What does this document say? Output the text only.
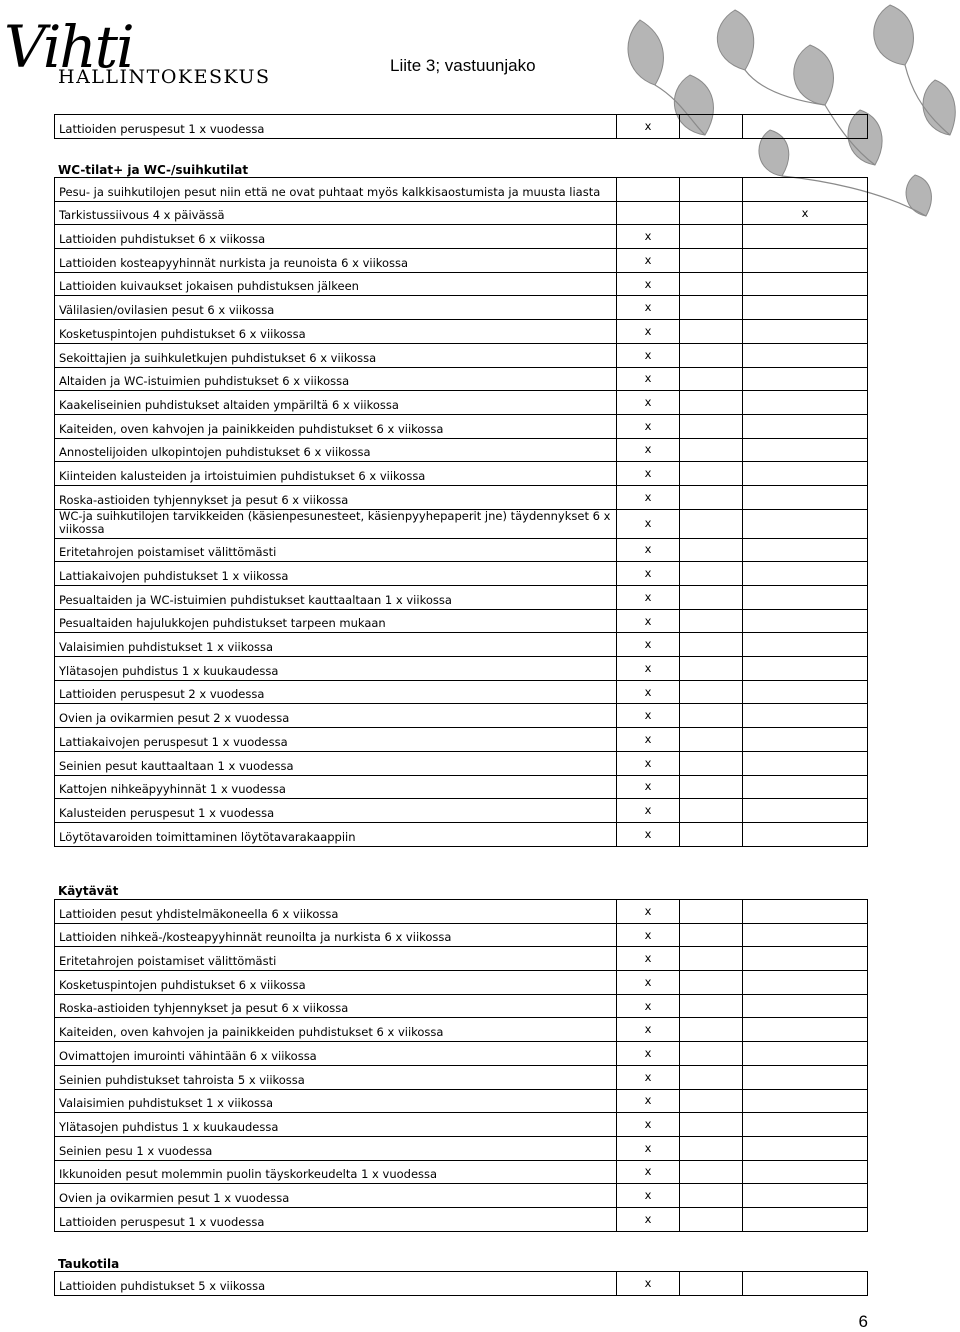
Vihti
HALLINTOKESKUS
Liite 3; vastuunjako
Lattioiden peruspesut 1 x vuodessa	x		
WC-tilat+ ja WC-/suihkutilat
Pesu- ja suihkutilojen pesut niin että ne ovat puhtaat myös kalkkisaostumista ja muusta liasta			
Tarkistussiivous 4 x päivässä			x
Lattioiden puhdistukset 6 x viikossa	x		
Lattioiden kosteapyyhinnät nurkista ja reunoista 6 x viikossa	x		
Lattioiden kuivaukset jokaisen puhdistuksen jälkeen	x		
Välilasien/ovilasien pesut 6 x viikossa	x		
Kosketuspintojen puhdistukset 6 x viikossa	x		
Sekoittajien ja suihkuletkujen puhdistukset 6 x viikossa	x		
Altaiden ja WC-istuimien puhdistukset 6 x viikossa	x		
Kaakeliseinien puhdistukset altaiden ympäriltä 6 x viikossa	x		
Kaiteiden, oven kahvojen ja painikkeiden puhdistukset 6 x viikossa	x		
Annostelijoiden ulkopintojen puhdistukset 6 x viikossa	x		
Kiinteiden kalusteiden ja irtoistuimien puhdistukset 6 x viikossa	x		
Roska-astioiden tyhjennykset ja pesut 6 x viikossa	x		
WC-ja suihkutilojen tarvikkeiden (käsienpesunesteet, käsienpyyhepaperit jne) täydennykset 6 x viikossa	x		
Eritetahrojen poistamiset välittömästi	x		
Lattiakaivojen puhdistukset 1 x viikossa	x		
Pesualtaiden ja WC-istuimien puhdistukset kauttaaltaan 1 x viikossa	x		
Pesualtaiden hajulukkojen puhdistukset tarpeen mukaan	x		
Valaisimien puhdistukset 1 x viikossa	x		
Ylätasojen puhdistus 1 x kuukaudessa	x		
Lattioiden peruspesut 2 x vuodessa	x		
Ovien ja ovikarmien pesut 2 x vuodessa	x		
Lattiakaivojen peruspesut 1 x vuodessa	x		
Seinien pesut kauttaaltaan 1 x vuodessa	x		
Kattojen nihkeäpyyhinnät 1 x vuodessa	x		
Kalusteiden peruspesut 1 x vuodessa	x		
Löytötavaroiden toimittaminen löytötavarakaappiin	x		
Käytävät
Lattioiden pesut yhdistelmäkoneella 6 x viikossa	x		
Lattioiden nihkeä-/kosteapyyhinnät reunoilta ja nurkista 6 x viikossa	x		
Eritetahrojen poistamiset välittömästi	x		
Kosketuspintojen puhdistukset 6 x viikossa	x		
Roska-astioiden tyhjennykset ja pesut 6 x viikossa	x		
Kaiteiden, oven kahvojen ja painikkeiden puhdistukset 6 x viikossa	x		
Ovimattojen imurointi vähintään 6 x viikossa	x		
Seinien puhdistukset tahroista 5 x viikossa	x		
Valaisimien puhdistukset 1 x viikossa	x		
Ylätasojen puhdistus 1 x kuukaudessa	x		
Seinien pesu 1 x vuodessa	x		
Ikkunoiden pesut molemmin puolin täyskorkeudelta 1 x vuodessa	x		
Ovien ja ovikarmien pesut 1 x vuodessa	x		
Lattioiden peruspesut 1 x vuodessa	x		
Taukotila
Lattioiden puhdistukset 5 x viikossa	x		
6
